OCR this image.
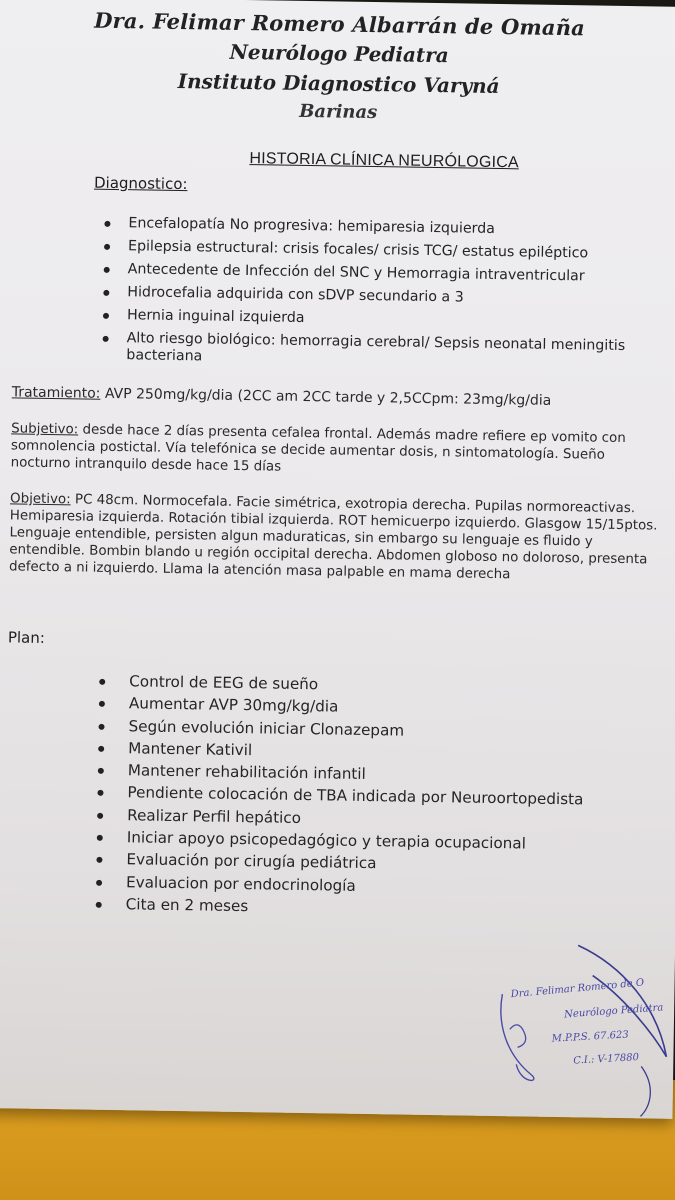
Dra. Felimar Romero Albarrán de Omaña
Neurólogo Pediatra
Instituto Diagnostico Varyná
Barinas
HISTORIA CLÍNICA NEURÓLOGICA
Diagnostico:
Encefalopatía No progresiva: hemiparesia izquierda
Epilepsia estructural: crisis focales/ crisis TCG/ estatus epiléptico
Antecedente de Infección del SNC y Hemorragia intraventricular
Hidrocefalia adquirida con sDVP secundario a 3
Hernia inguinal izquierda
Alto riesgo biológico: hemorragia cerebral/ Sepsis neonatal meningitis bacteriana
Tratamiento: AVP 250mg/kg/dia (2CC am 2CC tarde y 2,5CCpm: 23mg/kg/dia

Subjetivo: desde hace 2 días presenta cefalea frontal. Además madre refiere ep vomito con somnolencia postictal. Vía telefónica se decide aumentar dosis, n sintomatología. Sueño nocturno intranquilo desde hace 15 días

Objetivo: PC 48cm. Normocefala. Facie simétrica, exotropia derecha. Pupilas normoreactivas. Hemiparesia izquierda. Rotación tibial izquierda. ROT hemicuerpo izquierdo. Glasgow 15/15ptos. Lenguaje entendible, persisten algun maduraticas, sin embargo su lenguaje es fluido y entendible. Bombin blando u región occipital derecha. Abdomen globoso no doloroso, presenta defecto a ni izquierdo. Llama la atención masa palpable en mama derecha

Plan:
Control de EEG de sueño
Aumentar AVP 30mg/kg/dia
Según evolución iniciar Clonazepam
Mantener Kativil
Mantener rehabilitación infantil
Pendiente colocación de TBA indicada por Neuroortopedista
Realizar Perfil hepático
Iniciar apoyo psicopedagógico y terapia ocupacional
Evaluación por cirugía pediátrica
Evaluacion por endocrinología
Cita en 2 meses
Dra. Felimar Romero de O
Neurólogo Pediatra
M.P.P.S. 67.623
C.I.: V-17880
